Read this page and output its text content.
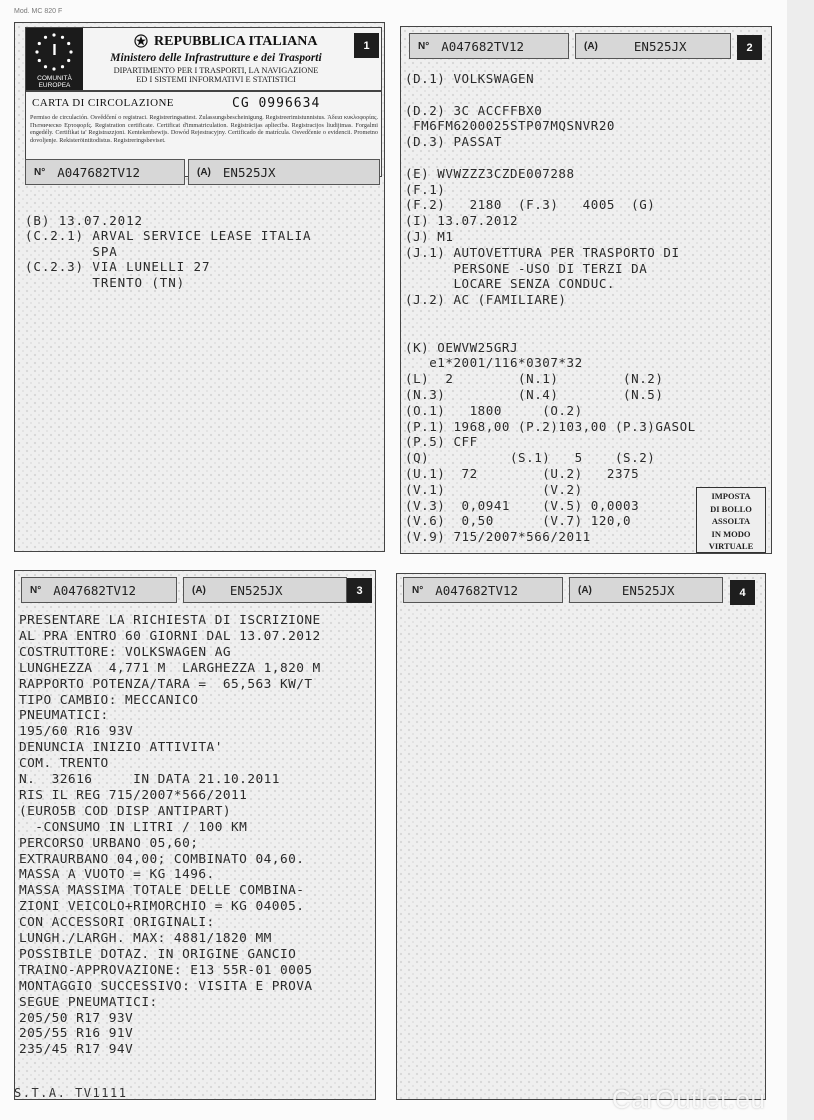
Mod. MC 820 F
I
COMUNITÀ
EUROPEA
REPUBBLICA ITALIANA
Ministero delle Infrastrutture e dei Trasporti
DIPARTIMENTO PER I TRASPORTI, LA NAVIGAZIONE
ED I SISTEMI INFORMATIVI E STATISTICI
1
CARTA DI CIRCOLAZIONE	CG 0996634
Permiso de circulación. Osvědčení o registraci. Registreringsattest. Zulassungsbescheinigung. Registreerimistunnistus. Άδεια κυκλοφορίας. Пътническо Ерτοφορfς. Registration certificate. Certificat d'immatriculation. Reģistrācijas apliecība. Registracijos liudijimas. Forgalmi engedély. Certifikat ta' Registrazzjoni. Kentekenbewijs. Dowód Rejestracyjny. Certificado de matrícula. Osvedčenie o evidencii. Prometno dovoljenje. Rekisteröintitodistus. Registreringsbeviset.
N° A047682TV12	(A) EN525JX
(B) 13.07.2012
(C.2.1) ARVAL SERVICE LEASE ITALIA
SPA
(C.2.3) VIA LUNELLI 27
TRENTO (TN)
N° A047682TV12	(A)	EN525JX	2
(D.1) VOLKSWAGEN
(D.2) 3C ACCFFBX0
FM6FM6200025STP07MQSNVR20
(D.3) PASSAT
(E) WVWZZZ3CZDE007288
(F.1)
(F.2)   2180  (F.3)   4005  (G)
(I) 13.07.2012
(J) M1
(J.1) AUTOVETTURA PER TRASPORTO DI
PERSONE -USO DI TERZI DA
LOCARE SENZA CONDUC.
(J.2) AC (FAMILIARE)
(K) OEWVW25GRJ
e1*2001/116*0307*32
(L)  2        (N.1)        (N.2)
(N.3)         (N.4)        (N.5)
(O.1)   1800     (O.2)
(P.1) 1968,00 (P.2)103,00 (P.3)GASOL
(P.5) CFF
(Q)          (S.1)   5    (S.2)
(U.1)  72        (U.2)   2375
(V.1)            (V.2)
(V.3)  0,0941    (V.5) 0,0003
(V.6)  0,50      (V.7) 120,0
(V.9) 715/2007*566/2011
IMPOSTA
DI BOLLO
ASSOLTA
IN MODO
VIRTUALE
N° A047682TV12	(A) EN525JX	3
PRESENTARE LA RICHIESTA DI ISCRIZIONE
AL PRA ENTRO 60 GIORNI DAL 13.07.2012
COSTRUTTORE: VOLKSWAGEN AG
LUNGHEZZA  4,771 M  LARGHEZZA 1,820 M
RAPPORTO POTENZA/TARA =  65,563 KW/T
TIPO CAMBIO: MECCANICO
PNEUMATICI:
195/60 R16 93V
DENUNCIA INIZIO ATTIVITA'
COM. TRENTO
N.  32616     IN DATA 21.10.2011
RIS IL REG 715/2007*566/2011
(EURO5B COD DISP ANTIPART)
-CONSUMO IN LITRI / 100 KM
PERCORSO URBANO 05,60;
EXTRAURBANO 04,00; COMBINATO 04,60.
MASSA A VUOTO = KG 1496.
MASSA MASSIMA TOTALE DELLE COMBINA-
ZIONI VEICOLO+RIMORCHIO = KG 04005.
CON ACCESSORI ORIGINALI:
LUNGH./LARGH. MAX: 4881/1820 MM
POSSIBILE DOTAZ. IN ORIGINE GANCIO
TRAINO-APPROVAZIONE: E13 55R-01 0005
MONTAGGIO SUCCESSIVO: VISITA E PROVA
SEGUE PNEUMATICI:
205/50 R17 93V
205/55 R16 91V
235/45 R17 94V
S.T.A. TV1111
N° A047682TV12	(A) EN525JX	4
CarOutlet.eu
